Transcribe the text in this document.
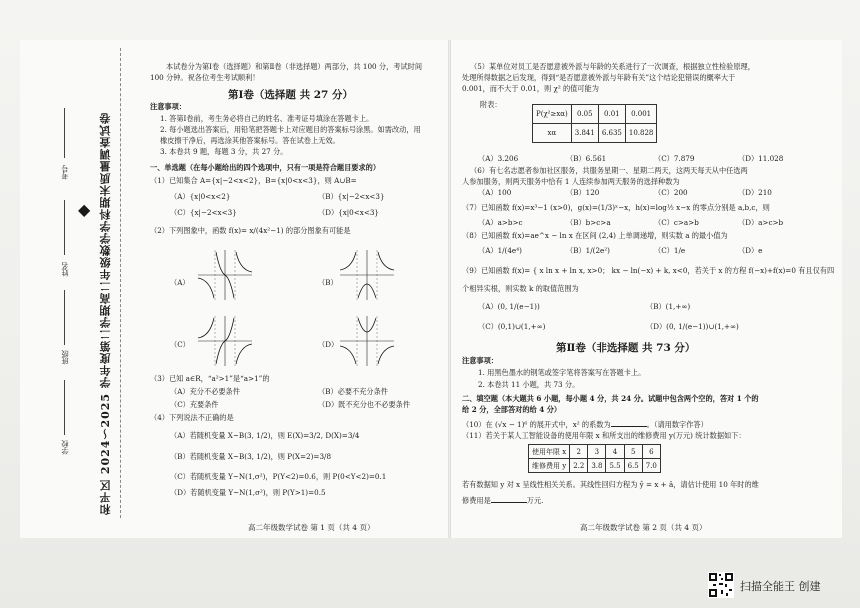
和平区 2024～2025 学年度第二学期高二年级数学学科期末质量调查试卷
学校
班级
姓名
考号
本试卷分为第Ⅰ卷（选择题）和第Ⅱ卷（非选择题）两部分，共 100 分，考试时间
100 分钟。祝各位考生考试顺利！
第Ⅰ卷（选择题 共 27 分）
注意事项：
1. 答第Ⅰ卷前，考生务必将自己的姓名、准考证号填涂在答题卡上。
2. 每小题选出答案后，用铅笔把答题卡上对应题目的答案标号涂黑。如需改动，用
橡皮擦干净后，再选涂其他答案标号。答在试卷上无效。
3. 本卷共 9 题，每题 3 分，共 27 分。
一、单选题（在每小题给出的四个选项中，只有一项是符合题目要求的）
（1）已知集合 A={x|−2<x<2}，B={x|0<x<3}，则 A∪B=
（A）{x|0<x<2}	（B）{x|−2<x<3}
（C）{x|−2<x<3}	（D）{x|0<x<3}
（2）下列图象中，函数 f(x)= x/(4x²−1) 的部分图象有可能是
（A）	（B）
（C）	（D）
（3）已知 a∈R，“a²>1”是“a>1”的
（A）充分不必要条件	（B）必要不充分条件
（C）充要条件	（D）既不充分也不必要条件
（4）下列说法不正确的是
（A）若随机变量 X~B(3, 1/2)，则 E(X)=3/2, D(X)=3/4
（B）若随机变量 X~B(3, 1/2)，则 P(X=2)=3/8
（C）若随机变量 Y~N(1,σ²)，P(Y<2)=0.6，则 P(0<Y<2)=0.1
（D）若随机变量 Y~N(1,σ²)，则 P(Y>1)=0.5
高二年级数学试卷 第 1 页（共 4 页）
（5）某单位对员工是否愿意被外派与年龄的关系进行了一次调查，根据独立性检验原理，
处理所得数据之后发现，得到“是否愿意被外派与年龄有关”这个结论犯错误的概率大于
0.001，而不大于 0.01，则 χ² 的值可能为
附表：
P(χ²≥xα)	0.05	0.01	0.001
xα	3.841	6.635	10.828
（A）3.206	（B）6.561	（C）7.879	（D）11.028
（6）有七名志愿者参加社区服务，共服务星期一、星期二两天，这两天每天从中任选两
人参加服务，则两天服务中恰有 1 人连续参加两天服务的选择种数为
（A）100	（B）120	（C）200	（D）210
（7）已知函数 f(x)=x³−1 (x>0)，g(x)=(1/3)ˣ−x，h(x)=log½ x−x 的零点分别是 a,b,c，则
（A）a>b>c	（B）b>c>a	（C）c>a>b	（D）a>c>b
（8）已知函数 f(x)=ae^x − ln x 在区间 (2,4) 上单调递增，则实数 a 的最小值为
（A）1/(4e⁴)	（B）1/(2e²)	（C）1/e	（D）e
（9）已知函数 f(x)= { x ln x + ln x, x>0； kx − ln(−x) + k, x<0，若关于 x 的方程 f(−x)+f(x)=0 有且仅有四
个相异实根，则实数 k 的取值范围为
（A）(0, 1/(e−1))	（B）(1,+∞)
（C）(0,1)∪(1,+∞)	（D）(0, 1/(e−1))∪(1,+∞)
第Ⅱ卷（非选择题 共 73 分）
注意事项：
1. 用黑色墨水的钢笔或签字笔将答案写在答题卡上。
2. 本卷共 11 小题，共 73 分。
二、填空题（本大题共 6 小题，每小题 4 分，共 24 分。试题中包含两个空的，答对 1 个的
给 2 分，全部答对的给 4 分）
（10）在 (√x − 1)⁶ 的展开式中，x² 的系数为	。（请用数字作答）
（11）若关于某人工智能设备的使用年限 x 和所支出的维修费用 y(万元) 统计数据如下：
使用年限 x	2	3	4	5	6
维修费用 y	2.2	3.8	5.5	6.5	7.0
若有数据知 y 对 x 呈线性相关关系。其线性回归方程为 ŷ = x + â，请估计使用 10 年时的维
修费用是	万元.
高二年级数学试卷 第 2 页（共 4 页）
扫描全能王 创建
